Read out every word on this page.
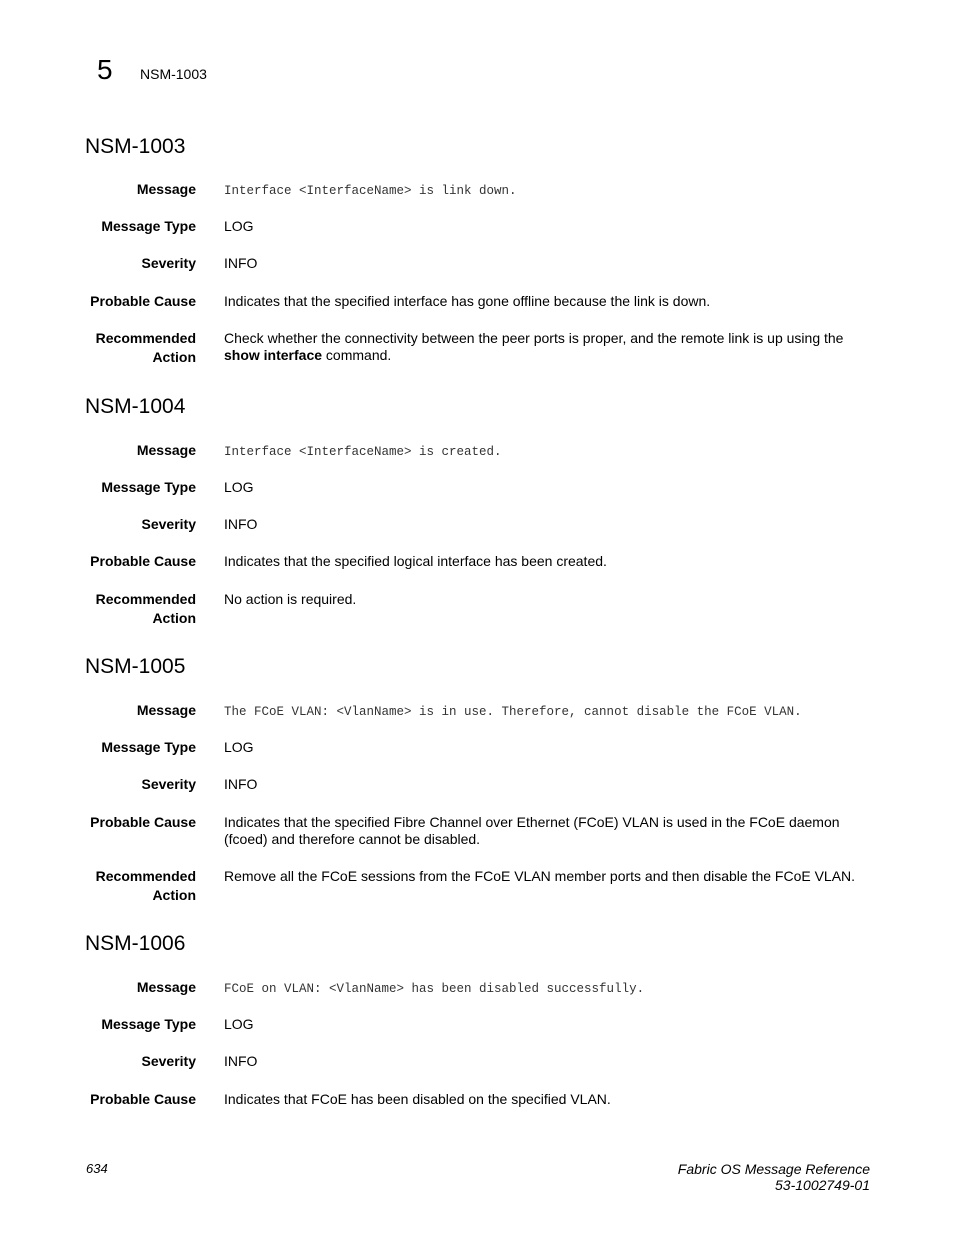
5 NSM-1003
NSM-1003
Message Interface <InterfaceName> is link down.
Message Type LOG
Severity INFO
Probable Cause Indicates that the specified interface has gone offline because the link is down.
Recommended
Action
Check whether the connectivity between the peer ports is proper, and the remote link is up using the
show interface command.
NSM-1004
Message Interface <InterfaceName> is created.
Message Type LOG
Severity INFO
Probable Cause Indicates that the specified logical interface has been created.
Recommended
Action
No action is required.
NSM-1005
Message The FCoE VLAN: <VlanName> is in use. Therefore, cannot disable the FCoE VLAN.
Message Type LOG
Severity INFO
Probable Cause Indicates that the specified Fibre Channel over Ethernet (FCoE) VLAN is used in the FCoE daemon
(fcoed) and therefore cannot be disabled.
Recommended
Action
Remove all the FCoE sessions from the FCoE VLAN member ports and then disable the FCoE VLAN.
NSM-1006
Message FCoE on VLAN: <VlanName> has been disabled successfully.
Message Type LOG
Severity INFO
Probable Cause Indicates that FCoE has been disabled on the specified VLAN.
634	Fabric OS Message Reference
53-1002749-01
